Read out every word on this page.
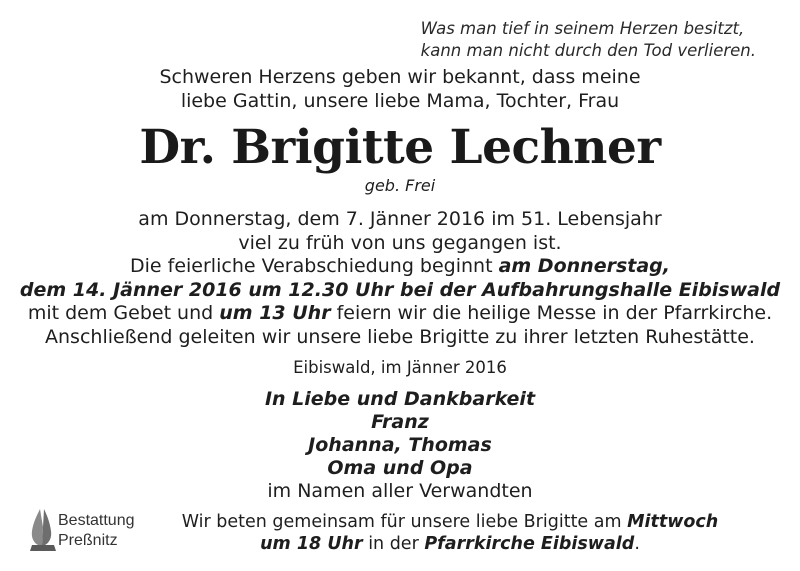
Was man tief in seinem Herzen besitzt,
kann man nicht durch den Tod verlieren.
Schweren Herzens geben wir bekannt, dass meine
liebe Gattin, unsere liebe Mama, Tochter, Frau
Dr. Brigitte Lechner
geb. Frei
am Donnerstag, dem 7. Jänner 2016 im 51. Lebensjahr
viel zu früh von uns gegangen ist.
Die feierliche Verabschiedung beginnt am Donnerstag,
dem 14. Jänner 2016 um 12.30 Uhr bei der Aufbahrungshalle Eibiswald
mit dem Gebet und um 13 Uhr feiern wir die heilige Messe in der Pfarrkirche.
Anschließend geleiten wir unsere liebe Brigitte zu ihrer letzten Ruhestätte.
Eibiswald, im Jänner 2016
In Liebe und Dankbarkeit
Franz
Johanna, Thomas
Oma und Opa
im Namen aller Verwandten
Bestattung
Preßnitz
Wir beten gemeinsam für unsere liebe Brigitte am Mittwoch
um 18 Uhr in der Pfarrkirche Eibiswald.
